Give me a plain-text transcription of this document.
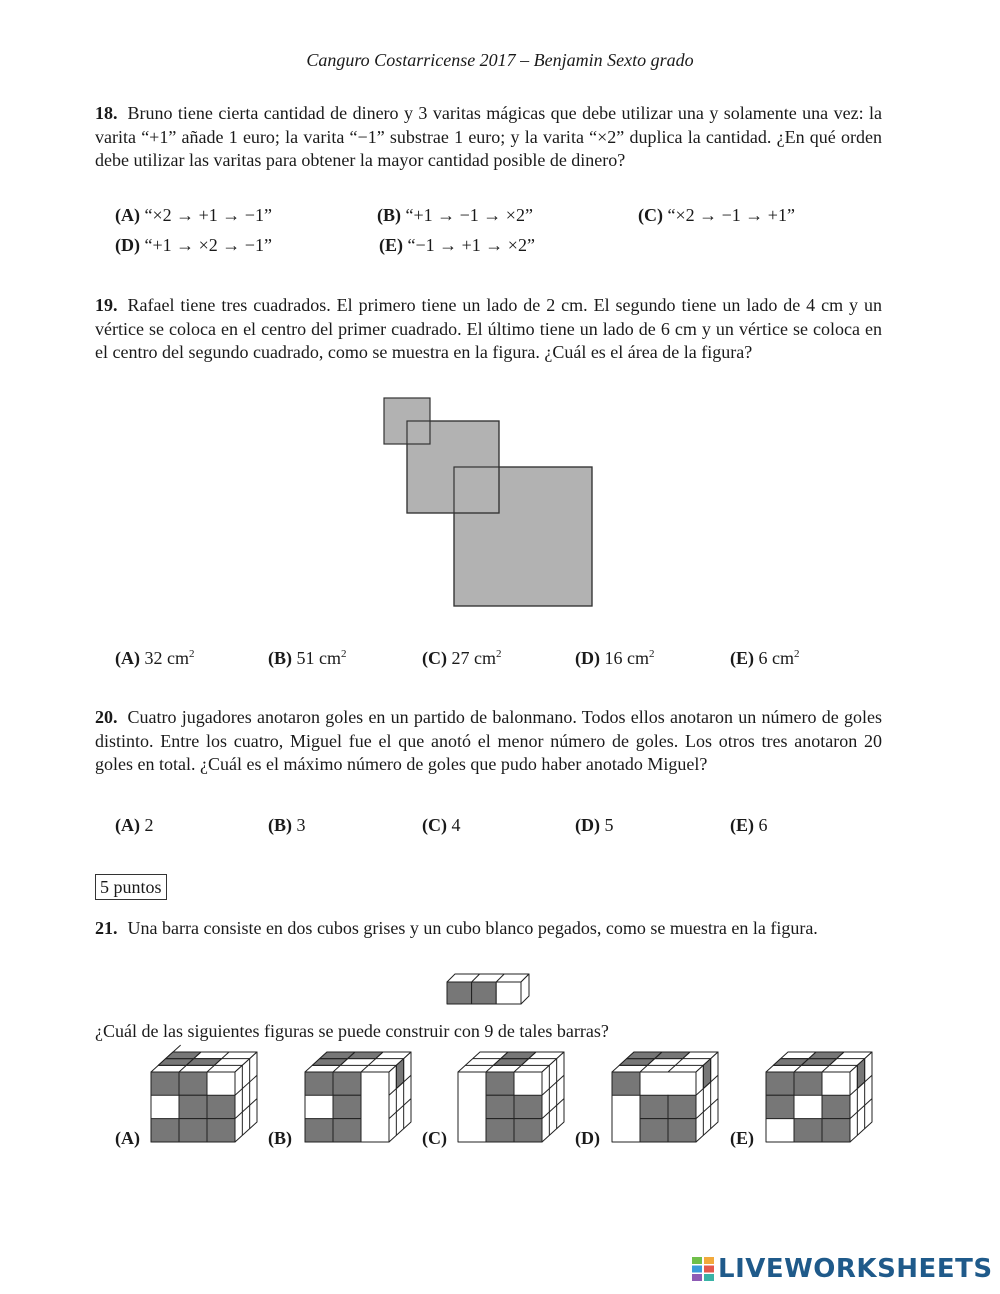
Canguro Costarricense 2017 – Benjamin Sexto grado
18. Bruno tiene cierta cantidad de dinero y 3 varitas mágicas que debe utilizar una y solamente una vez: la varita “+1” añade 1 euro; la varita “−1” substrae 1 euro; y la varita “×2” duplica la cantidad. ¿En qué orden debe utilizar las varitas para obtener la mayor cantidad posible de dinero?
(A) “×2 → +1 → −1”	(B) “+1 → −1 → ×2”	(C) “×2 → −1 → +1”
(D) “+1 → ×2 → −1”	(E) “−1 → +1 → ×2”
19. Rafael tiene tres cuadrados. El primero tiene un lado de 2 cm. El segundo tiene un lado de 4 cm y un vértice se coloca en el centro del primer cuadrado. El último tiene un lado de 6 cm y un vértice se coloca en el centro del segundo cuadrado, como se muestra en la figura. ¿Cuál es el área de la figura?
(A) 32 $cm^2$	(B) 51 $cm^2$	(C) 27 $cm^2$	(D) 16 $cm^2$	(E) 6 $cm^2$
20. Cuatro jugadores anotaron goles en un partido de balonmano. Todos ellos anotaron un número de goles distinto. Entre los cuatro, Miguel fue el que anotó el menor número de goles. Los otros tres anotaron 20 goles en total. ¿Cuál es el máximo número de goles que pudo haber anotado Miguel?
(A) 2	(B) 3	(C) 4	(D) 5	(E) 6
5 puntos
21. Una barra consiste en dos cubos grises y un cubo blanco pegados, como se muestra en la figura.
¿Cuál de las siguientes figuras se puede construir con 9 de tales barras?
(A)	(B)	(C)	(D)	(E)
LIVEWORKSHEETS
